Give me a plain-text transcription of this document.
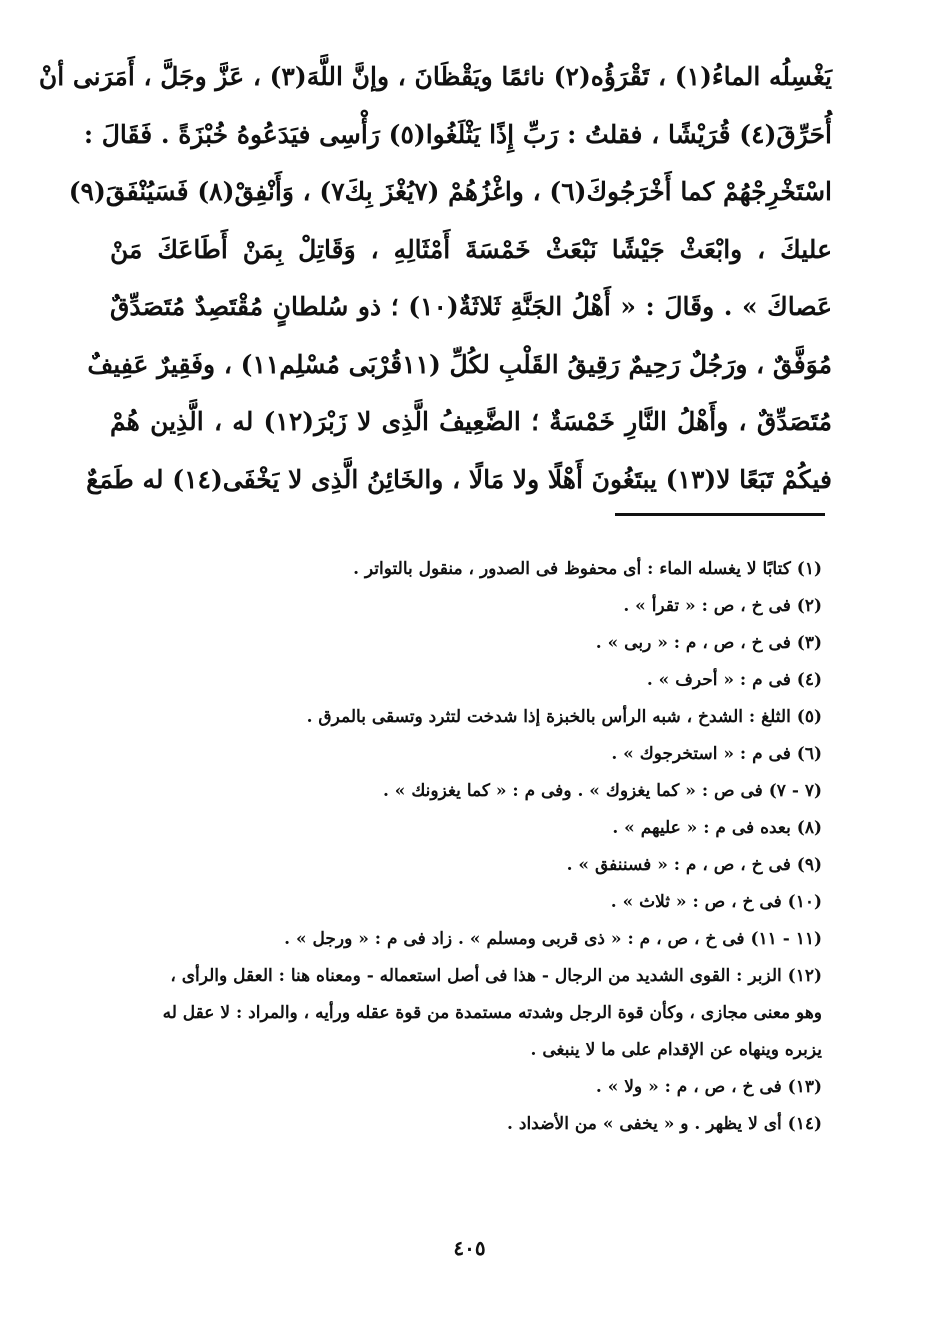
يَغْسِلُه الماءُ(١) ، تَقْرَؤُه(٢) نائمًا ويَقْظَانَ ، وإنَّ اللَّهَ(٣) ، عَزَّ وجَلَّ ، أَمَرَنى أنْ
أُحَرِّقَ(٤) قُرَيْشًا ، فقلتُ : رَبِّ إِذًا يَثْلَغُوا(٥) رَأْسِى فيَدَعُوهُ خُبْزَةً . فَقَالَ :
اسْتَخْرِجْهُمْ كما أَخْرَجُوكَ(٦) ، واغْزُهُمْ (٧يُغْزَ بِكَ٧) ، وَأَنْفِقْ(٨) فَسَيُنْفَقَ(٩)
عليكَ ، وابْعَثْ جَيْشًا نَبْعَثْ خَمْسَةَ أَمْثَالِهِ ، وَقَاتِلْ بِمَنْ أَطَاعَكَ مَنْ
عَصاكَ » . وقَالَ : « أَهْلُ الجَنَّةِ ثَلاثَةٌ(١٠) ؛ ذو سُلطانٍ مُقْتَصِدٌ مُتَصَدِّقٌ
مُوَفَّقٌ ، ورَجُلٌ رَحِيمٌ رَقِيقُ القَلْبِ لكُلِّ (١١قُرْبَى مُسْلِم١١) ، وفَقِيرٌ عَفِيفٌ
مُتَصَدِّقٌ ، وأَهْلُ النَّارِ خَمْسَةٌ ؛ الضَّعِيفُ الَّذِى لا زَبْرَ(١٢) له ، الَّذِين هُمْ
فيكُمْ تَبَعًا لا(١٣) يبتَغُونَ أَهْلًا ولا مَالًا ، والخَائِنُ الَّذِى لا يَخْفَى(١٤) له طَمَعٌ
(١) كتابًا لا يغسله الماء : أى محفوظ فى الصدور ، منقول بالتواتر .
(٢) فى خ ، ص : « تقرأ » .
(٣) فى خ ، ص ، م : « ربى » .
(٤) فى م : « أحرف » .
(٥) الثلغ : الشدخ ، شبه الرأس بالخبزة إذا شدخت لتثرد وتسقى بالمرق .
(٦) فى م : « استخرجوك » .
(٧ - ٧) فى ص : « كما يغزوك » . وفى م : « كما يغزونك » .
(٨) بعده فى م : « عليهم » .
(٩) فى خ ، ص ، م : « فسننفق » .
(١٠) فى خ ، ص : « ثلاث » .
(١١ - ١١) فى خ ، ص ، م : « ذى قربى ومسلم » . زاد فى م : « ورجل » .
(١٢) الزبر : القوى الشديد من الرجال - هذا فى أصل استعماله - ومعناه هنا : العقل والرأى ،
وهو معنى مجازى ، وكأن قوة الرجل وشدته مستمدة من قوة عقله ورأيه ، والمراد : لا عقل له
يزبره وينهاه عن الإقدام على ما لا ينبغى .
(١٣) فى خ ، ص ، م : « ولا » .
(١٤) أى لا يظهر . و « يخفى » من الأضداد .
٤٠٥
